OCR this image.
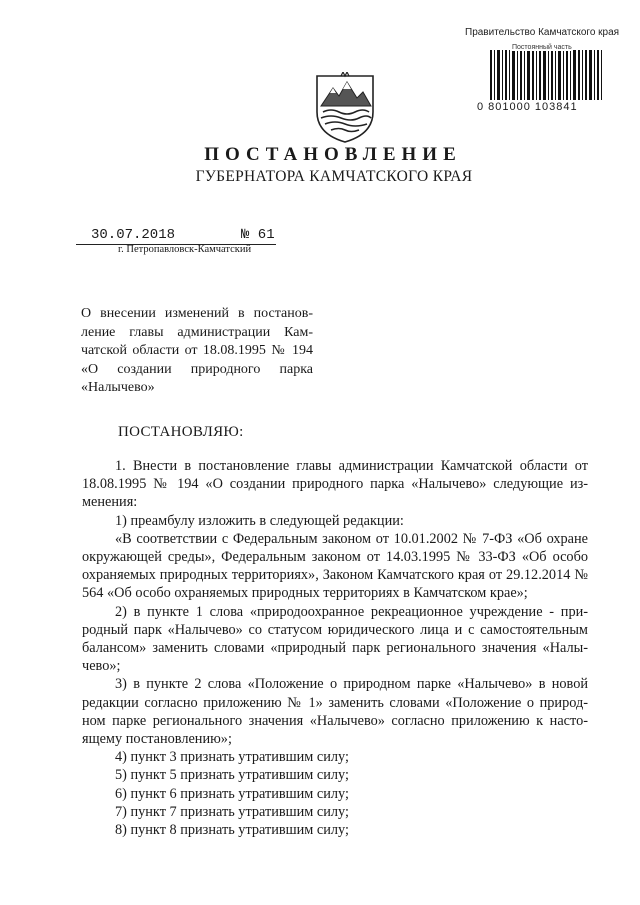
Правительство Камчатского края
Постоянный часть
0 801000 103841
ПОСТАНОВЛЕНИЕ
ГУБЕРНАТОРА КАМЧАТСКОГО КРАЯ
30.07.2018	№ 61
г. Петропавловск-Камчатский
О внесении изменений в постанов-ление главы администрации Кам-чатской области от 18.08.1995 № 194 «О создании природного парка «Налычево»
ПОСТАНОВЛЯЮ:

1. Внести в постановление главы администрации Камчатской области от 18.08.1995 № 194 «О создании природного парка «Налычево» следующие из-менения:

1) преамбулу изложить в следующей редакции:

«В соответствии с Федеральным законом от 10.01.2002 № 7-ФЗ «Об охране окружающей среды», Федеральным законом от 14.03.1995 № 33-ФЗ «Об особо охраняемых природных территориях», Законом Камчатского края от 29.12.2014 № 564 «Об особо охраняемых природных территориях в Камчатском крае»;

2) в пункте 1 слова «природоохранное рекреационное учреждение - при-родный парк «Налычево» со статусом юридического лица и с самостоятельным балансом» заменить словами «природный парк регионального значения «Налы-чево»;

3) в пункте 2 слова «Положение о природном парке «Налычево» в новой редакции согласно приложению № 1» заменить словами «Положение о природ-ном парке регионального значения «Налычево» согласно приложению к насто-ящему постановлению»;

4) пункт 3 признать утратившим силу;

5) пункт 5 признать утратившим силу;

6) пункт 6 признать утратившим силу;

7) пункт 7 признать утратившим силу;

8) пункт 8 признать утратившим силу;
